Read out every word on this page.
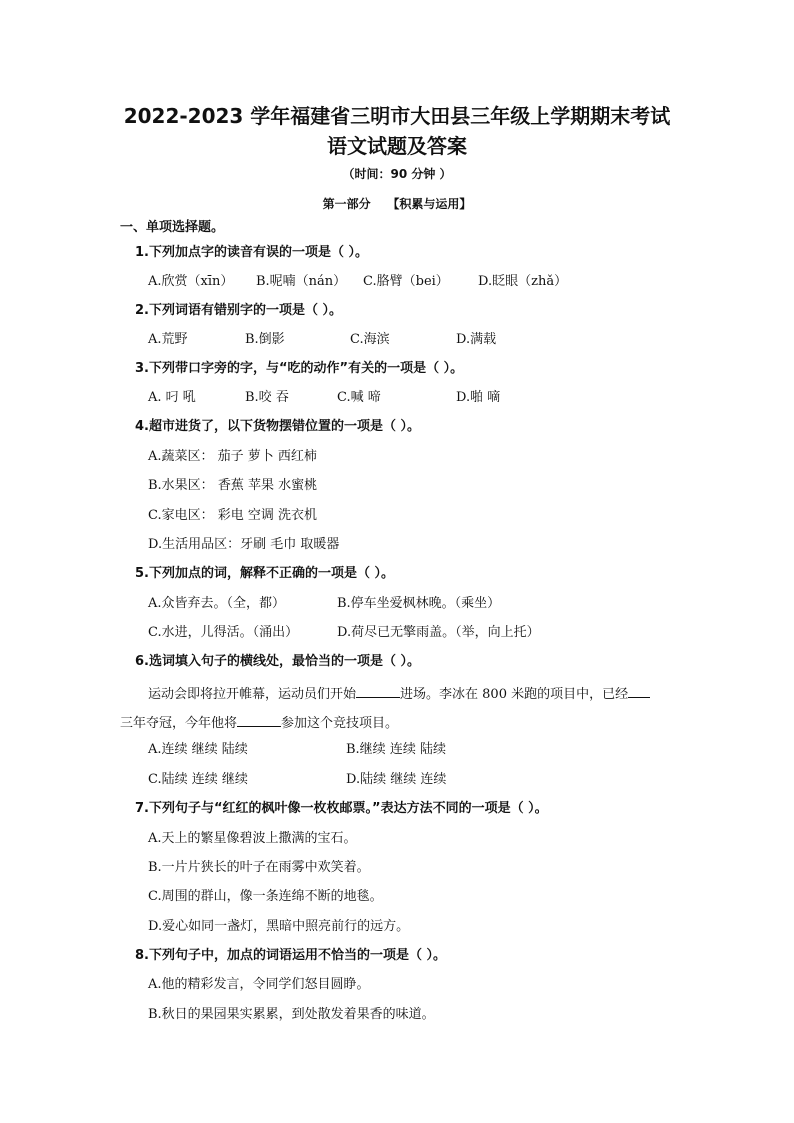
2022-2023 学年福建省三明市大田县三年级上学期期末考试
语文试题及答案
（时间：90 分钟 ）
第一部分    【积累与运用】
一、单项选择题。
1.下列加点字的读音有误的一项是（ ）。
A.欣赏（xīn） B.呢喃（nán） C.胳臂（bei） D.眨眼（zhǎ）
2.下列词语有错别字的一项是（ ）。
A.荒野	B.倒影	C.海滨	D.满载
3.下列带口字旁的字，与“吃的动作”有关的一项是（ ）。
A. 叼 吼	B.咬 吞	C.喊 啼	D.啪 嘀
4.超市进货了，以下货物摆错位置的一项是（ ）。
A.蔬菜区： 茄子 萝卜 西红柿
B.水果区： 香蕉 苹果 水蜜桃
C.家电区： 彩电 空调 洗衣机
D.生活用品区：牙刷 毛巾 取暖器
5.下列加点的词，解释不正确的一项是（ ）。
A.众皆弃去。（全，都）	B.停车坐爱枫林晚。（乘坐）
C.水进，儿得活。（涌出）	D.荷尽已无擎雨盖。（举，向上托）
6.选词填入句子的横线处，最恰当的一项是（ ）。
运动会即将拉开帷幕，运动员们开始	进场。李冰在 800 米跑的项目中，已经
三年夺冠，今年他将	参加这个竞技项目。
A.连续 继续 陆续	B.继续 连续 陆续
C.陆续 连续 继续	D.陆续 继续 连续
7.下列句子与“红红的枫叶像一枚枚邮票。”表达方法不同的一项是（ ）。
A.天上的繁星像碧波上撒满的宝石。
B.一片片狭长的叶子在雨雾中欢笑着。
C.周围的群山，像一条连绵不断的地毯。
D.爱心如同一盏灯，黑暗中照亮前行的远方。
8.下列句子中，加点的词语运用不恰当的一项是（ ）。
A.他的精彩发言，令同学们怒目圆睁。
B.秋日的果园果实累累，到处散发着果香的味道。
